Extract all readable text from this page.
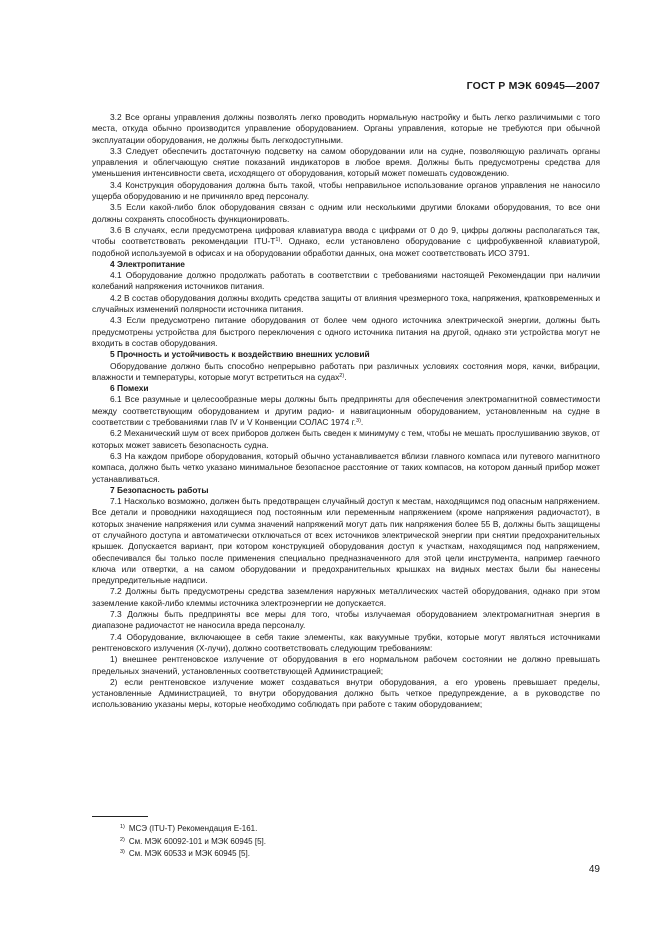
ГОСТ Р МЭК 60945—2007

3.2 Все органы управления должны позволять легко проводить нормальную настройку и быть легко различимыми с того места, откуда обычно производится управление оборудованием. Органы управления, которые не требуются при обычной эксплуатации оборудования, не должны быть легкодоступными.

3.3 Следует обеспечить достаточную подсветку на самом оборудовании или на судне, позволяющую различать органы управления и облегчающую снятие показаний индикаторов в любое время. Должны быть предусмотрены средства для уменьшения интенсивности света, исходящего от оборудования, который может помешать судовождению.

3.4 Конструкция оборудования должна быть такой, чтобы неправильное использование органов управления не наносило ущерба оборудованию и не причиняло вред персоналу.

3.5 Если какой-либо блок оборудования связан с одним или несколькими другими блоками оборудования, то все они должны сохранять способность функционировать.

3.6 В случаях, если предусмотрена цифровая клавиатура ввода с цифрами от 0 до 9, цифры должны располагаться так, чтобы соответствовать рекомендации ITU-$T^{1)}$. Однако, если установлено оборудование с цифробуквенной клавиатурой, подобной используемой в офисах и на оборудовании обработки данных, она может соответствовать ИСО 3791.

4 Электропитание

4.1 Оборудование должно продолжать работать в соответствии с требованиями настоящей Рекомендации при наличии колебаний напряжения источников питания.

4.2 В состав оборудования должны входить средства защиты от влияния чрезмерного тока, напряжения, кратковременных и случайных изменений полярности источника питания.

4.3 Если предусмотрено питание оборудования от более чем одного источника электрической энергии, должны быть предусмотрены устройства для быстрого переключения с одного источника питания на другой, однако эти устройства могут не входить в состав оборудования.

5 Прочность и устойчивость к воздействию внешних условий

Оборудование должно быть способно непрерывно работать при различных условиях состояния моря, качки, вибрации, влажности и температуры, которые могут встретиться на судах$^{2)}$.

6 Помехи

6.1 Все разумные и целесообразные меры должны быть предприняты для обеспечения электромагнитной совместимости между соответствующим оборудованием и другим радио- и навигационным оборудованием, установленным на судне в соответствии с требованиями глав IV и V Конвенции СОЛАС 1974 г.$^{3)}$.

6.2 Механический шум от всех приборов должен быть сведен к минимуму с тем, чтобы не мешать прослушиванию звуков, от которых может зависеть безопасность судна.

6.3 На каждом приборе оборудования, который обычно устанавливается вблизи главного компаса или путевого магнитного компаса, должно быть четко указано минимальное безопасное расстояние от таких компасов, на котором данный прибор может устанавливаться.

7 Безопасность работы

7.1 Насколько возможно, должен быть предотвращен случайный доступ к местам, находящимся под опасным напряжением. Все детали и проводники находящиеся под постоянным или переменным напряжением (кроме напряжения радиочастот), в которых значение напряжения или сумма значений напряжений могут дать пик напряжения более 55 В, должны быть защищены от случайного доступа и автоматически отключаться от всех источников электрической энергии при снятии предохранительных крышек. Допускается вариант, при котором конструкцией оборудования доступ к участкам, находящимся под напряжением, обеспечивался бы только после применения специально предназначенного для этой цели инструмента, например гаечного ключа или отвертки, а на самом оборудовании и предохранительных крышках на видных местах были бы нанесены предупредительные надписи.

7.2 Должны быть предусмотрены средства заземления наружных металлических частей оборудования, однако при этом заземление какой-либо клеммы источника электроэнергии не допускается.

7.3 Должны быть предприняты все меры для того, чтобы излучаемая оборудованием электромагнитная энергия в диапазоне радиочастот не наносила вреда персоналу.

7.4 Оборудование, включающее в себя такие элементы, как вакуумные трубки, которые могут являться источниками рентгеновского излучения (Х-лучи), должно соответствовать следующим требованиям:

1) внешнее рентгеновское излучение от оборудования в его нормальном рабочем состоянии не должно превышать предельных значений, установленных соответствующей Администрацией;

2) если рентгеновское излучение может создаваться внутри оборудования, а его уровень превышает пределы, установленные Администрацией, то внутри оборудования должно быть четкое предупреждение, а в руководстве по использованию указаны меры, которые необходимо соблюдать при работе с таким оборудованием;

$^{1)}$ МСЭ (ITU-T) Рекомендация Е-161.
$^{2)}$ См. МЭК 60092-101 и МЭК 60945 [5].
$^{3)}$ См. МЭК 60533 и МЭК 60945 [5].
49
